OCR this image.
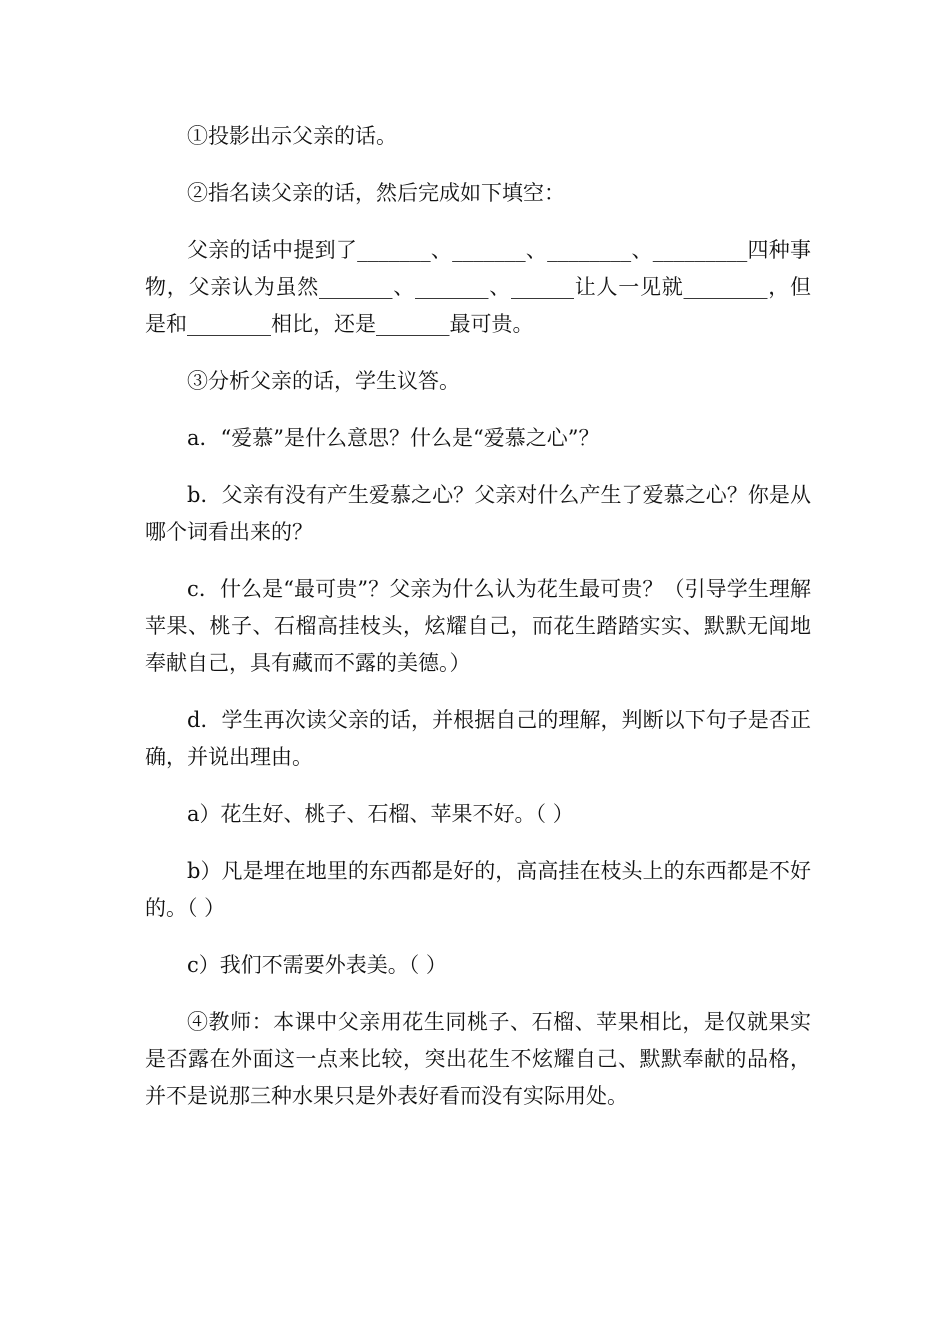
①投影出示父亲的话。

②指名读父亲的话，然后完成如下填空：

父亲的话中提到了_______、_______、________、_________四种事物，父亲认为虽然_______、_______、______让人一见就________，但是和________相比，还是_______最可贵。

③分析父亲的话，学生议答。

a．“爱慕”是什么意思？什么是“爱慕之心”？

b．父亲有没有产生爱慕之心？父亲对什么产生了爱慕之心？你是从哪个词看出来的？

c．什么是“最可贵”？父亲为什么认为花生最可贵？（引导学生理解苹果、桃子、石榴高挂枝头，炫耀自己，而花生踏踏实实、默默无闻地奉献自己，具有藏而不露的美德。）

d．学生再次读父亲的话，并根据自己的理解，判断以下句子是否正确，并说出理由。

a）花生好、桃子、石榴、苹果不好。（ ）

b）凡是埋在地里的东西都是好的，高高挂在枝头上的东西都是不好的。（ ）

c）我们不需要外表美。（ ）

④教师：本课中父亲用花生同桃子、石榴、苹果相比，是仅就果实是否露在外面这一点来比较，突出花生不炫耀自己、默默奉献的品格，并不是说那三种水果只是外表好看而没有实际用处。
